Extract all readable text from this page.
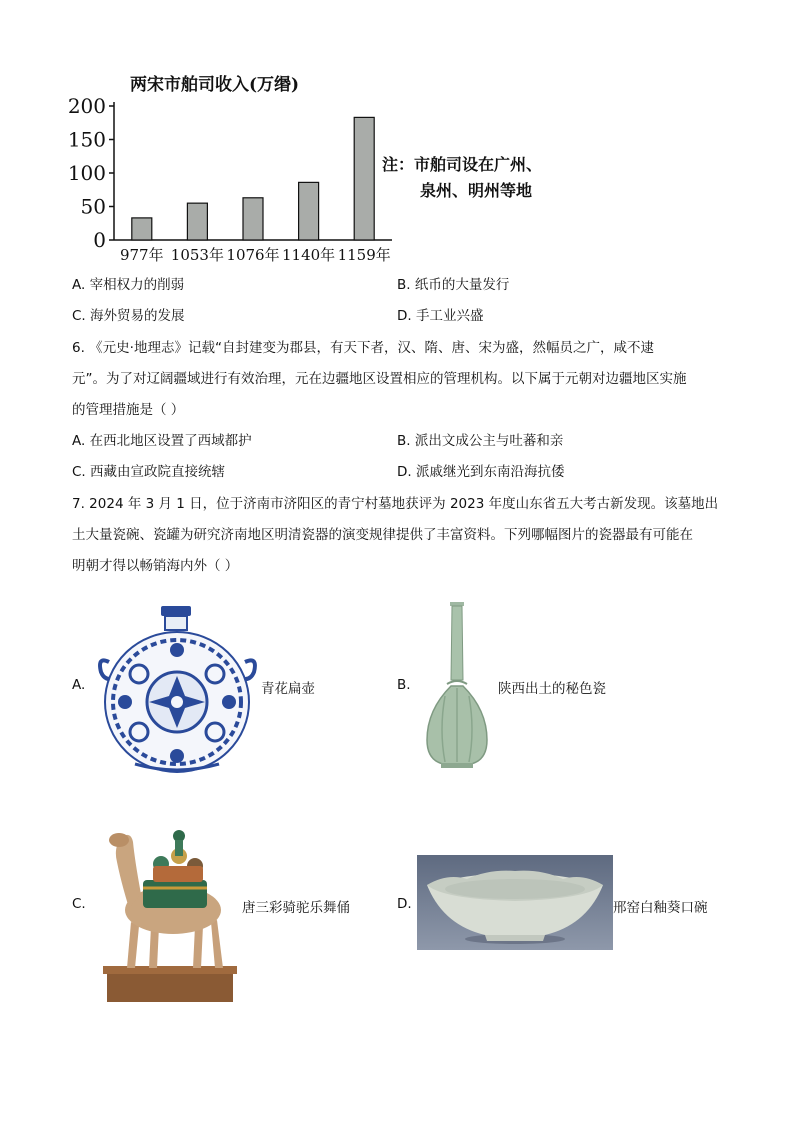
两宋市舶司收入(万缗)
0
50
100
150
200
977年 1053年 1076年 1140年 1159年
注：市舶司设在广州、
泉州、明州等地
A. 宰相权力的削弱	B. 纸币的大量发行
C. 海外贸易的发展	D. 手工业兴盛
6. 《元史·地理志》记载“自封建变为郡县，有天下者，汉、隋、唐、宋为盛，然幅员之广，咸不逮
元”。为了对辽阔疆域进行有效治理，元在边疆地区设置相应的管理机构。以下属于元朝对边疆地区实施
的管理措施是（ ）
A. 在西北地区设置了西域都护	B. 派出文成公主与吐蕃和亲
C. 西藏由宣政院直接统辖	D. 派戚继光到东南沿海抗倭
7. 2024 年 3 月 1 日，位于济南市济阳区的青宁村墓地获评为 2023 年度山东省五大考古新发现。该墓地出
土大量瓷碗、瓷罐为研究济南地区明清瓷器的演变规律提供了丰富资料。下列哪幅图片的瓷器最有可能在
明朝才得以畅销海内外（ ）
A.	青花扁壶	B.	陕西出土的秘色瓷
C.	唐三彩骑驼乐舞俑	D.	邢窑白釉葵口碗
